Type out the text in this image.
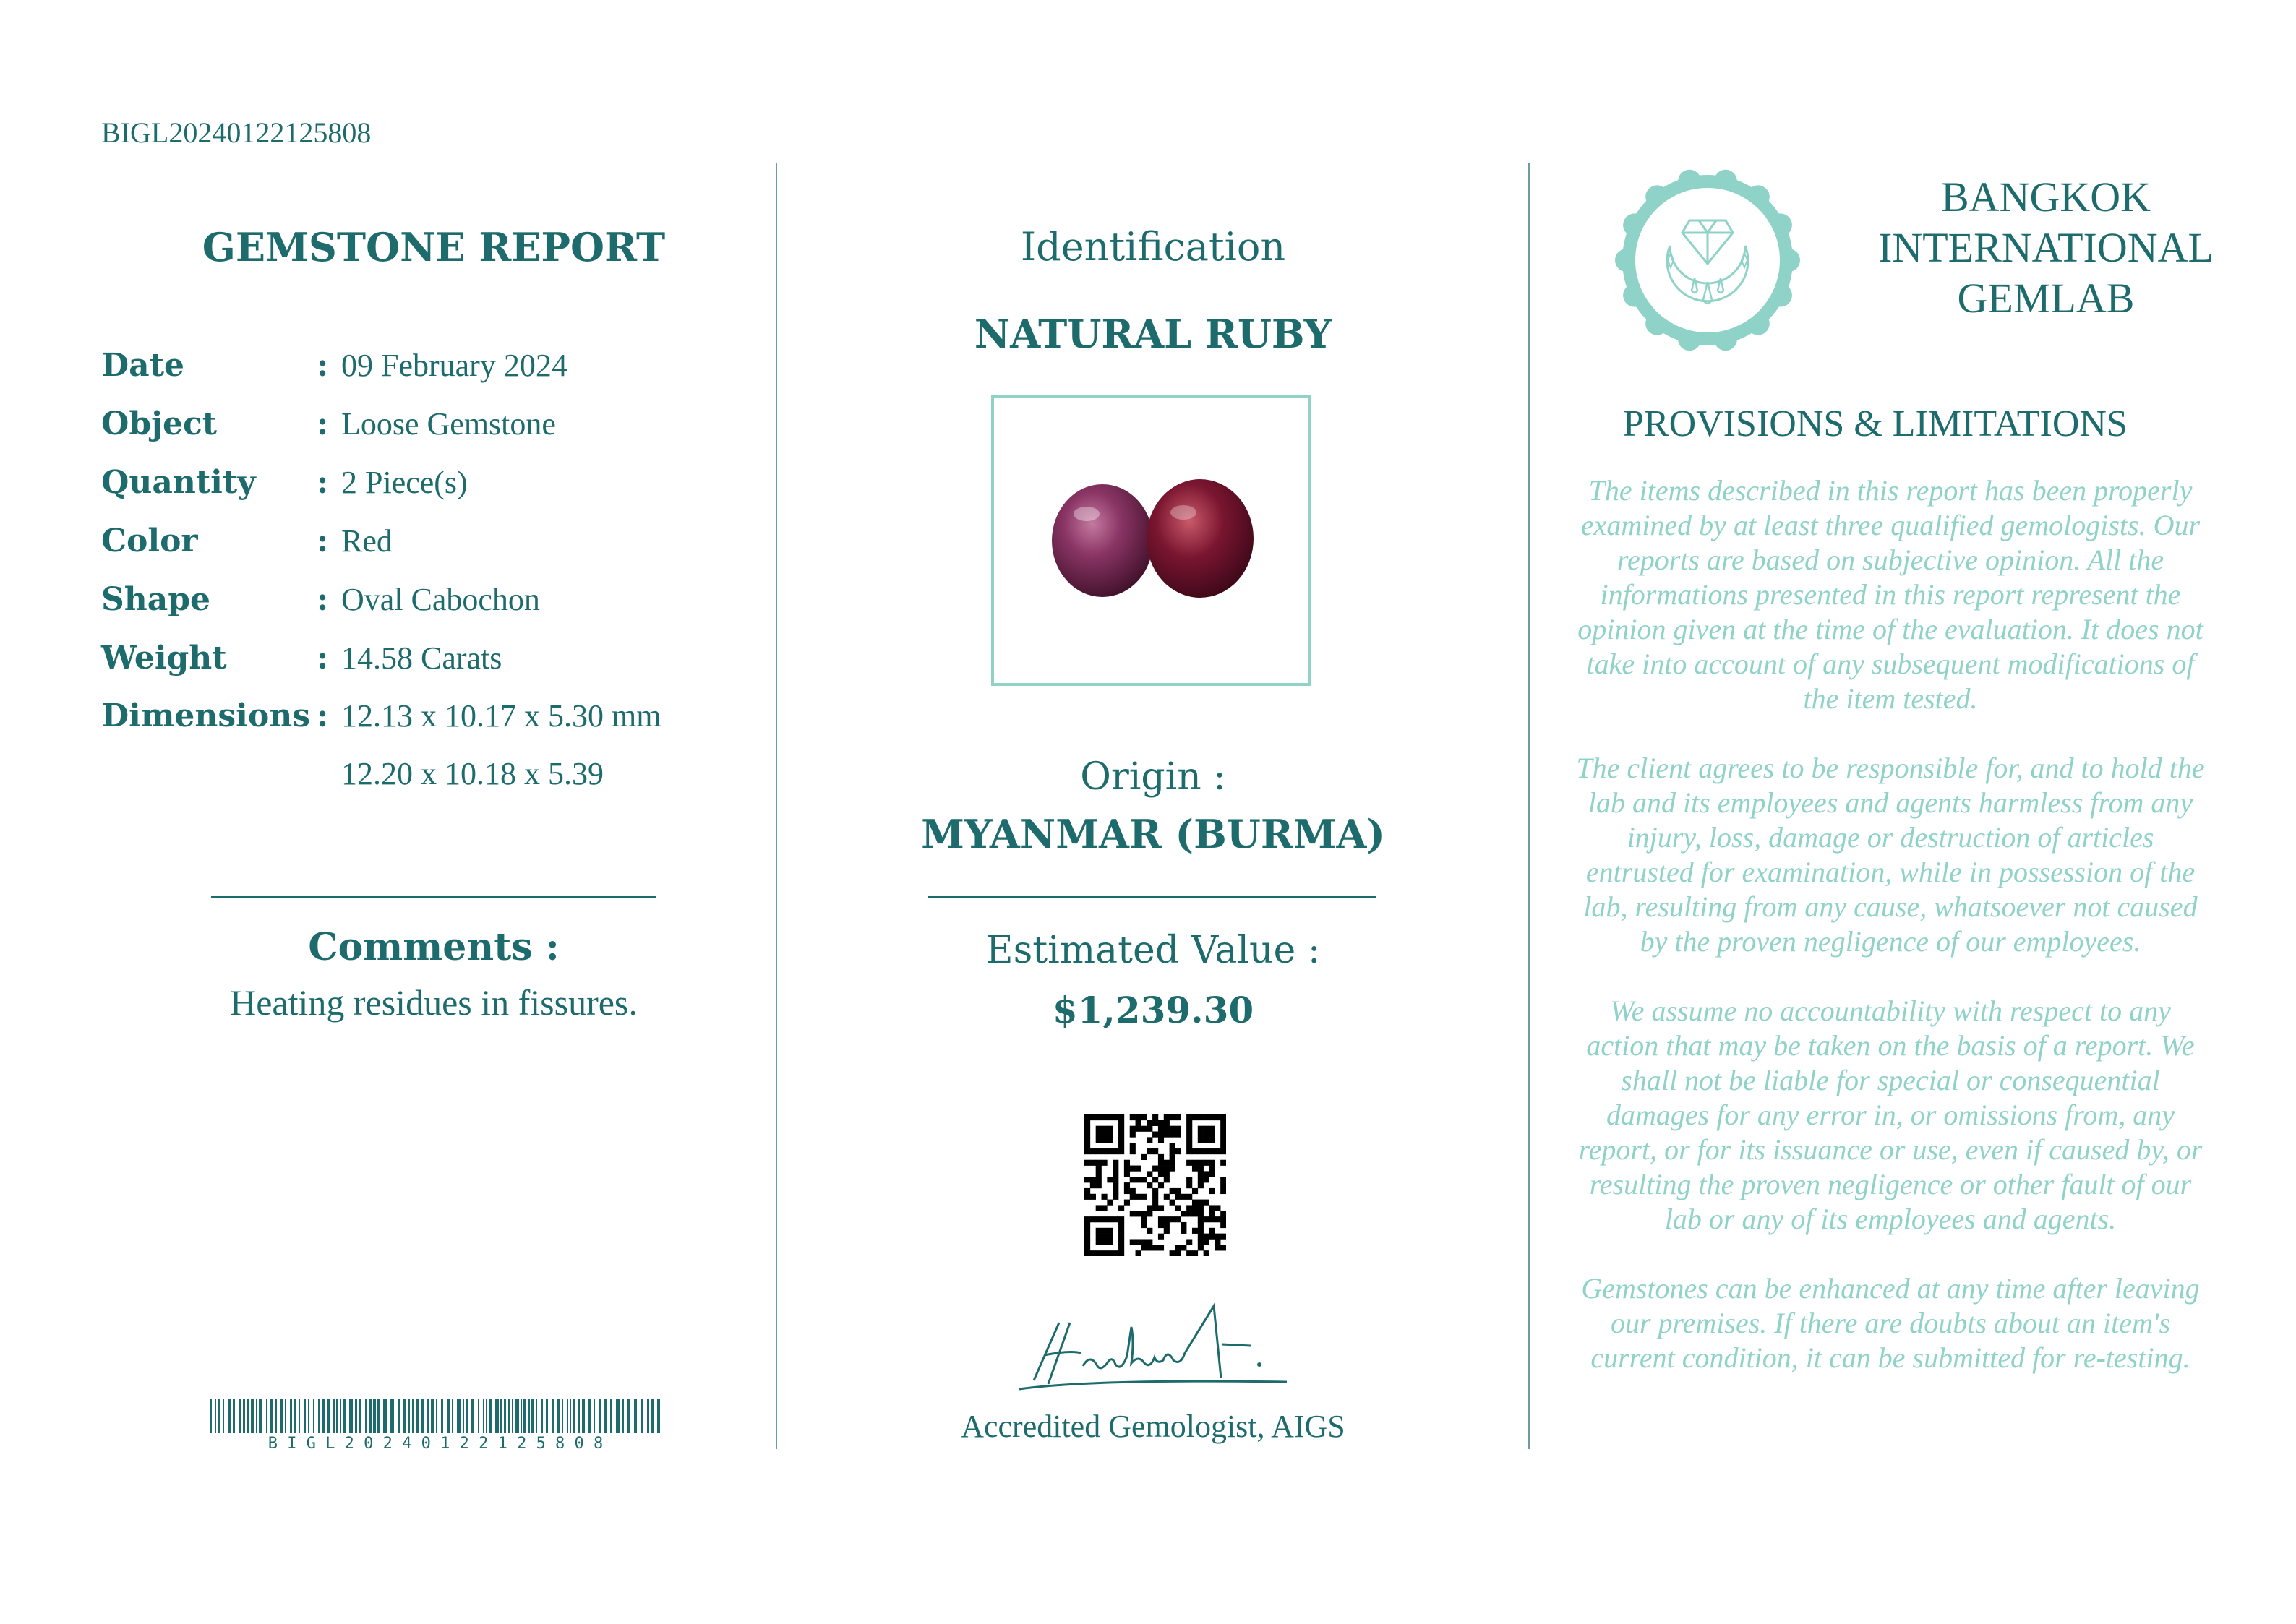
BIGL20240122125808
GEMSTONE REPORT
Date	: 09 February 2024
Object	: Loose Gemstone
Quantity : 2 Piece(s)
Color	: Red
Shape	: Oval Cabochon
Weight	: 14.58 Carats
Dimensions : 12.13 x 10.17 x 5.30 mm
12.20 x 10.18 x 5.39
Comments :
Heating residues in fissures.
B I G L 2 0 2 4 0 1 2 2 1 2 5 8 0 8
Identification
NATURAL RUBY
Origin :
MYANMAR (BURMA)
Estimated Value :
$1,239.30
Accredited Gemologist, AIGS
BANGKOK
INTERNATIONAL
GEMLAB
PROVISIONS & LIMITATIONS

The items described in this report has been properly examined by at least three qualified gemologists. Our reports are based on subjective opinion. All the informations presented in this report represent the opinion given at the time of the evaluation. It does not take into account of any subsequent modifications of the item tested.

The client agrees to be responsible for, and to hold the lab and its employees and agents harmless from any injury, loss, damage or destruction of articles entrusted for examination, while in possession of the lab, resulting from any cause, whatsoever not caused by the proven negligence of our employees.

We assume no accountability with respect to any action that may be taken on the basis of a report. We shall not be liable for special or consequential damages for any error in, or omissions from, any report, or for its issuance or use, even if caused by, or resulting the proven negligence or other fault of our lab or any of its employees and agents.

Gemstones can be enhanced at any time after leaving our premises. If there are doubts about an item's current condition, it can be submitted for re-testing.
